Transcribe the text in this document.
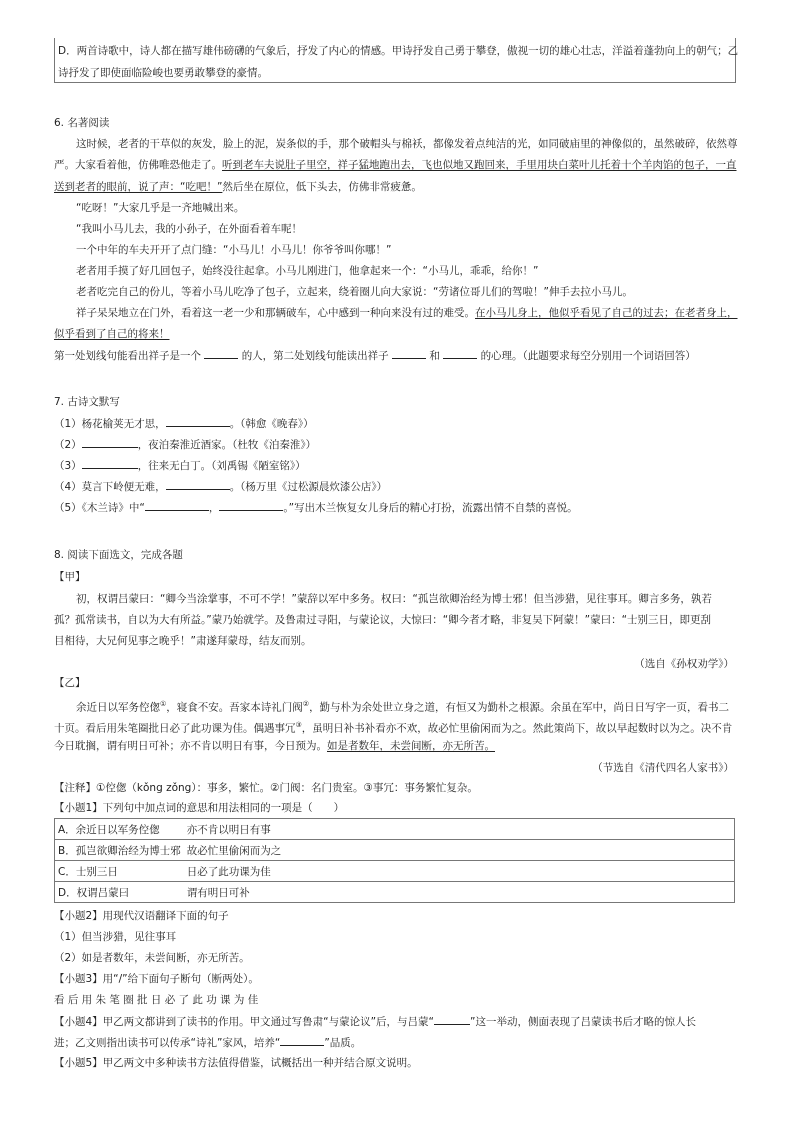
D．两首诗歌中，诗人都在描写雄伟磅礴的气象后，抒发了内心的情感。甲诗抒发自己勇于攀登，傲视一切的雄心壮志，洋溢着蓬勃向上的朝气；乙
诗抒发了即使面临险峻也要勇敢攀登的豪情。
6. 名著阅读
这时候，老者的干草似的灰发，脸上的泥，炭条似的手，那个破帽头与棉袄，都像发着点纯洁的光，如同破庙里的神像似的，虽然破碎，依然尊
严。大家看着他，仿佛唯恐他走了。听到老车夫说肚子里空，祥子猛地跑出去，飞也似地又跑回来，手里用块白菜叶儿托着十个羊肉馅的包子，一直
送到老者的眼前，说了声：“吃吧！”然后坐在原位，低下头去，仿佛非常疲惫。
“吃呀！”大家几乎是一齐地喊出来。
“我叫小马儿去，我的小孙子，在外面看着车呢！
一个中年的车夫开开了点门缝：“小马儿！小马儿！你爷爷叫你哪！”
老者用手摸了好几回包子，始终没往起拿。小马儿刚进门，他拿起来一个：“小马儿，乖乖，给你！”
老者吃完自己的份儿，等着小马儿吃净了包子，立起来，绕着圈儿向大家说：“劳诸位哥儿们的驾啦！”伸手去拉小马儿。
祥子呆呆地立在门外，看着这一老一少和那辆破车，心中感到一种向来没有过的难受。在小马儿身上，他似乎看见了自己的过去；在老者身上，
似乎看到了自己的将来！
第一处划线句能看出祥子是一个	的人，第二处划线句能读出祥子	和	的心理。（此题要求每空分别用一个词语回答）
7. 古诗文默写
（1）杨花榆荚无才思，	。（韩愈《晚春》）
（2）	，夜泊秦淮近酒家。（杜牧《泊秦淮》）
（3）	，往来无白丁。（刘禹锡《陋室铭》）
（4）莫言下岭便无难，	。（杨万里《过松源晨炊漆公店》）
（5）《木兰诗》中“	，	。”写出木兰恢复女儿身后的精心打扮，流露出情不自禁的喜悦。
8. 阅读下面选文，完成各题
【甲】
初，权谓吕蒙曰：“卿今当涂掌事，不可不学！”蒙辞以军中多务。权曰：“孤岂欲卿治经为博士邪！但当涉猎，见往事耳。卿言多务，孰若
孤？孤常读书，自以为大有所益。”蒙乃始就学。及鲁肃过寻阳，与蒙论议，大惊曰：“卿今者才略，非复吴下阿蒙！”蒙曰：“士别三日，即更刮
目相待，大兄何见事之晚乎！”肃遂拜蒙母，结友而别。
（选自《孙权劝学》）
【乙】
余近日以军务倥偬①，寝食不安。吾家本诗礼门阀②，勤与朴为余处世立身之道，有恒又为勤朴之根源。余虽在军中，尚日日写字一页，看书二
十页。看后用朱笔圈批日必了此功课为佳。偶遇事冗③，虽明日补书补看亦不欢，故必忙里偷闲而为之。然此策尚下，故以早起数时以为之。决不肯
今日耽搁，谓有明日可补；亦不肯以明日有事，今日预为。如是者数年，未尝间断，亦无所苦。
（节选自《清代四名人家书》）
【注释】①倥偬（kǒng zǒng）：事多，繁忙。②门阀：名门贵室。③事冗：事务繁忙复杂。
【小题1】下列句中加点词的意思和用法相同的一项是（　　）
A．余近日以军务倥偬	亦不肯以明日有事
B．孤岂欲卿治经为博士邪	故必忙里偷闲而为之
C．士别三日	日必了此功课为佳
D．权谓吕蒙曰	谓有明日可补
【小题2】用现代汉语翻译下面的句子
（1）但当涉猎，见往事耳
（2）如是者数年，未尝间断，亦无所苦。
【小题3】用“/”给下面句子断句（断两处）。
看 后 用 朱 笔 圈 批 日 必 了 此 功 课 为 佳
【小题4】甲乙两文都讲到了读书的作用。甲文通过写鲁肃“与蒙论议”后，与吕蒙“	”这一举动，侧面表现了吕蒙读书后才略的惊人长
进；乙文则指出读书可以传承“诗礼”家风，培养“	”品质。
【小题5】甲乙两文中多种读书方法值得借鉴，试概括出一种并结合原文说明。
